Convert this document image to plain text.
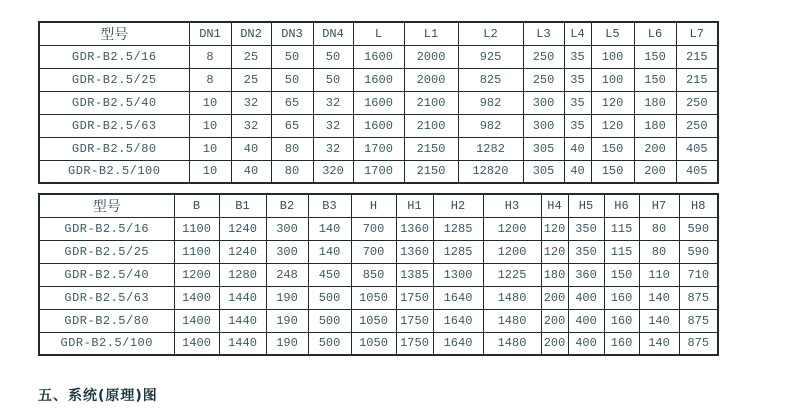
型号	DN1	DN2	DN3	DN4	L	L1	L2	L3	L4	L5	L6	L7
GDR-B2.5/16	8	25	50	50	1600	2000	925	250	35	100	150	215
GDR-B2.5/25	8	25	50	50	1600	2000	825	250	35	100	150	215
GDR-B2.5/40	10	32	65	32	1600	2100	982	300	35	120	180	250
GDR-B2.5/63	10	32	65	32	1600	2100	982	300	35	120	180	250
GDR-B2.5/80	10	40	80	32	1700	2150	1282	305	40	150	200	405
GDR-B2.5/100	10	40	80	320	1700	2150	12820	305	40	150	200	405
型号	B	B1	B2	B3	H	H1	H2	H3	H4	H5	H6	H7	H8
GDR-B2.5/16	1100	1240	300	140	700	1360	1285	1200	120	350	115	80	590
GDR-B2.5/25	1100	1240	300	140	700	1360	1285	1200	120	350	115	80	590
GDR-B2.5/40	1200	1280	248	450	850	1385	1300	1225	180	360	150	110	710
GDR-B2.5/63	1400	1440	190	500	1050	1750	1640	1480	200	400	160	140	875
GDR-B2.5/80	1400	1440	190	500	1050	1750	1640	1480	200	400	160	140	875
GDR-B2.5/100	1400	1440	190	500	1050	1750	1640	1480	200	400	160	140	875
五、系统(原理)图
